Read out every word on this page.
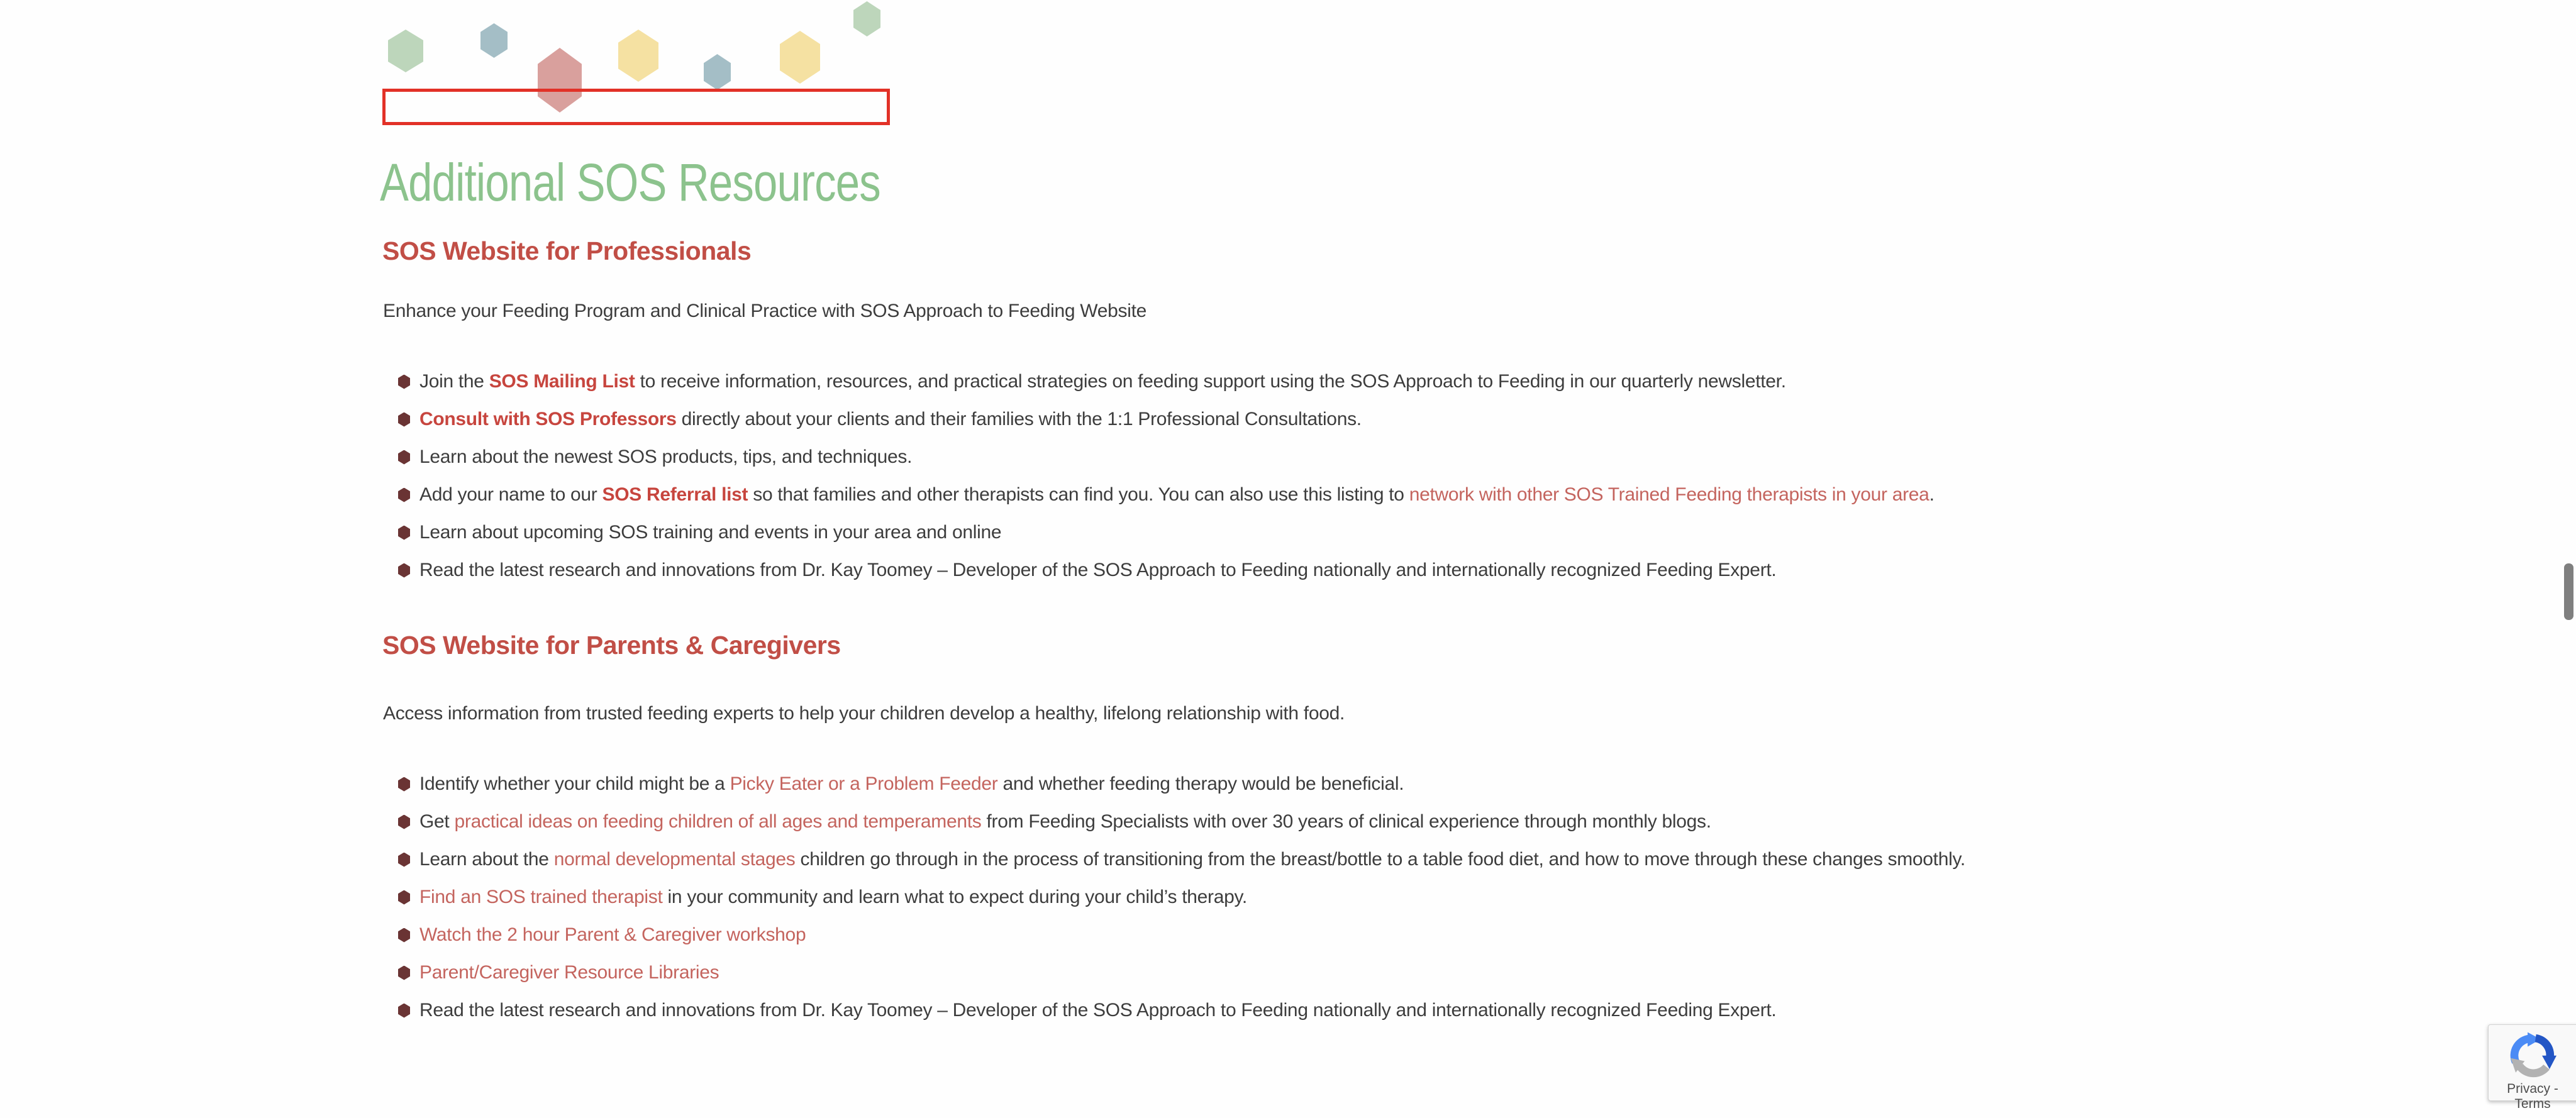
Additional SOS Resources
SOS Website for Professionals

Enhance your Feeding Program and Clinical Practice with SOS Approach to Feeding Website

Join the SOS Mailing List to receive information, resources, and practical strategies on feeding support using the SOS Approach to Feeding in our quarterly newsletter.
Consult with SOS Professors directly about your clients and their families with the 1:1 Professional Consultations.
Learn about the newest SOS products, tips, and techniques.
Add your name to our SOS Referral list so that families and other therapists can find you. You can also use this listing to network with other SOS Trained Feeding therapists in your area.
Learn about upcoming SOS training and events in your area and online
Read the latest research and innovations from Dr. Kay Toomey – Developer of the SOS Approach to Feeding nationally and internationally recognized Feeding Expert.
SOS Website for Parents & Caregivers

Access information from trusted feeding experts to help your children develop a healthy, lifelong relationship with food.

Identify whether your child might be a Picky Eater or a Problem Feeder and whether feeding therapy would be beneficial.
Get practical ideas on feeding children of all ages and temperaments from Feeding Specialists with over 30 years of clinical experience through monthly blogs.
Learn about the normal developmental stages children go through in the process of transitioning from the breast/bottle to a table food diet, and how to move through these changes smoothly.
Find an SOS trained therapist in your community and learn what to expect during your child’s therapy.
Watch the 2 hour Parent & Caregiver workshop
Parent/Caregiver Resource Libraries
Read the latest research and innovations from Dr. Kay Toomey – Developer of the SOS Approach to Feeding nationally and internationally recognized Feeding Expert.
Privacy - Terms
